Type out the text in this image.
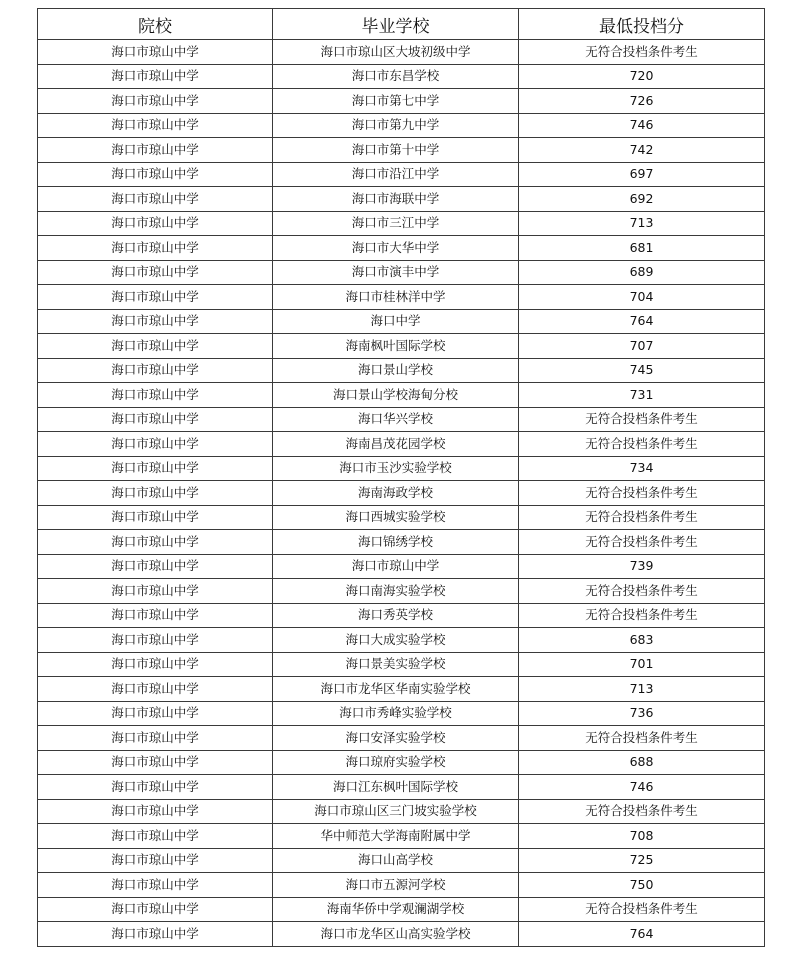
院校	毕业学校	最低投档分
海口市琼山中学	海口市琼山区大坡初级中学	无符合投档条件考生
海口市琼山中学	海口市东昌学校	720
海口市琼山中学	海口市第七中学	726
海口市琼山中学	海口市第九中学	746
海口市琼山中学	海口市第十中学	742
海口市琼山中学	海口市沿江中学	697
海口市琼山中学	海口市海联中学	692
海口市琼山中学	海口市三江中学	713
海口市琼山中学	海口市大华中学	681
海口市琼山中学	海口市演丰中学	689
海口市琼山中学	海口市桂林洋中学	704
海口市琼山中学	海口中学	764
海口市琼山中学	海南枫叶国际学校	707
海口市琼山中学	海口景山学校	745
海口市琼山中学	海口景山学校海甸分校	731
海口市琼山中学	海口华兴学校	无符合投档条件考生
海口市琼山中学	海南昌茂花园学校	无符合投档条件考生
海口市琼山中学	海口市玉沙实验学校	734
海口市琼山中学	海南海政学校	无符合投档条件考生
海口市琼山中学	海口西城实验学校	无符合投档条件考生
海口市琼山中学	海口锦绣学校	无符合投档条件考生
海口市琼山中学	海口市琼山中学	739
海口市琼山中学	海口南海实验学校	无符合投档条件考生
海口市琼山中学	海口秀英学校	无符合投档条件考生
海口市琼山中学	海口大成实验学校	683
海口市琼山中学	海口景美实验学校	701
海口市琼山中学	海口市龙华区华南实验学校	713
海口市琼山中学	海口市秀峰实验学校	736
海口市琼山中学	海口安泽实验学校	无符合投档条件考生
海口市琼山中学	海口琼府实验学校	688
海口市琼山中学	海口江东枫叶国际学校	746
海口市琼山中学	海口市琼山区三门坡实验学校	无符合投档条件考生
海口市琼山中学	华中师范大学海南附属中学	708
海口市琼山中学	海口山高学校	725
海口市琼山中学	海口市五源河学校	750
海口市琼山中学	海南华侨中学观澜湖学校	无符合投档条件考生
海口市琼山中学	海口市龙华区山高实验学校	764
